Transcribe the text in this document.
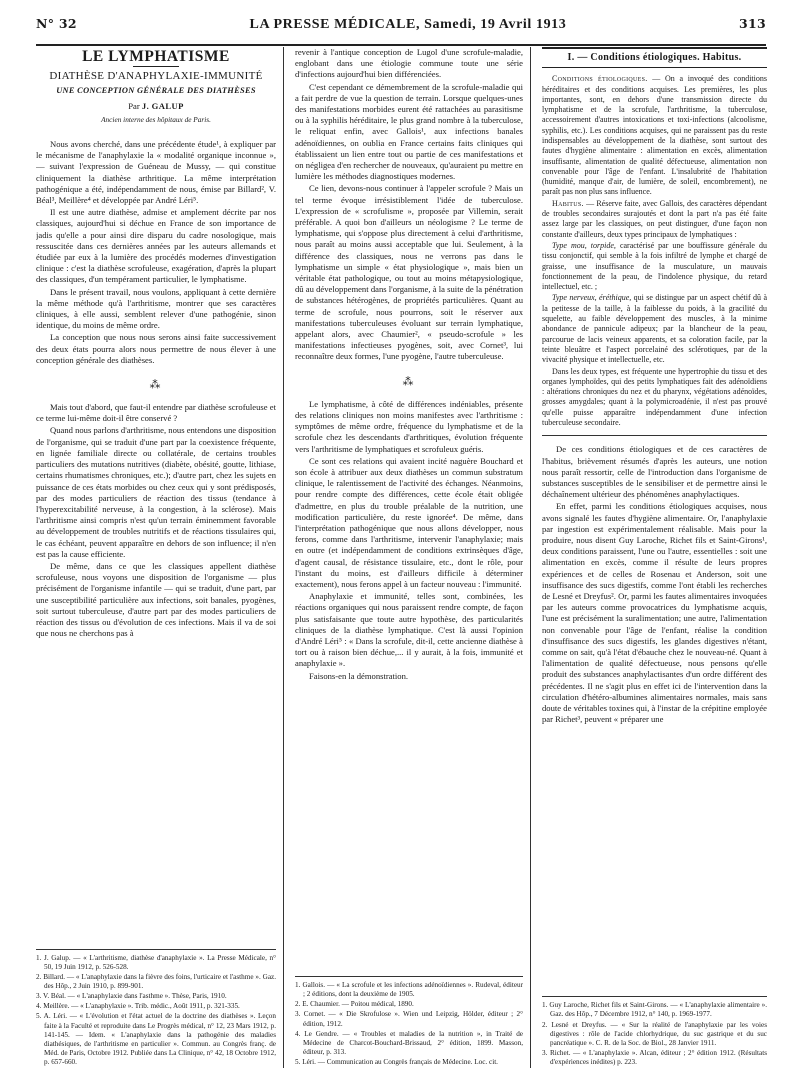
N° 32	LA PRESSE MÉDICALE, Samedi, 19 Avril 1913	313
LE LYMPHATISME
DIATHÈSE D'ANAPHYLAXIE-IMMUNITÉ
UNE CONCEPTION GÉNÉRALE DES DIATHÈSES
Par J. GALUP
Ancien interne des hôpitaux de Paris.

Nous avons cherché, dans une précédente étude¹, à expliquer par le mécanisme de l'anaphylaxie la « modalité organique inconnue », — suivant l'expression de Guéneau de Mussy, — qui constitue cliniquement la diathèse arthritique. La même interprétation pathogénique a été, indépendamment de nous, émise par Billard², V. Béal³, Meillère⁴ et développée par André Léri⁵.

Il est une autre diathèse, admise et amplement décrite par nos classiques, aujourd'hui si déchue en France de son importance de jadis qu'elle a pour ainsi dire disparu du cadre nosologique, mais ressuscitée dans ces dernières années par les auteurs allemands et étudiée par eux à la lumière des procédés modernes d'investigation clinique : c'est la diathèse scrofuleuse, exagération, d'après la plupart des classiques, d'un tempérament particulier, le lymphatisme.

Dans le présent travail, nous voulons, appliquant à cette dernière la même méthode qu'à l'arthritisme, montrer que ses caractères cliniques, à elle aussi, semblent relever d'une pathogénie, sinon identique, du moins de même ordre.

La conception que nous nous serons ainsi faite successivement des deux états pourra alors nous permettre de nous élever à une conception générale des diathèses.

⁂

Mais tout d'abord, que faut-il entendre par diathèse scrofuleuse et ce terme lui-même doit-il être conservé ?

Quand nous parlons d'arthritisme, nous entendons une disposition de l'organisme, qui se traduit d'une part par la coexistence fréquente, en lignée familiale directe ou collatérale, de certains troubles particuliers des mutations nutritives (diabète, obésité, goutte, lithiase, certains rhumatismes chroniques, etc.); d'autre part, chez les sujets en puissance de ces états morbides ou chez ceux qui y sont prédisposés, par des modes particuliers de réaction des tissus (tendance à l'hyperexcitabilité nerveuse, à la congestion, à la sclérose). Mais l'arthritisme ainsi compris n'est qu'un terrain éminemment favorable au développement de troubles nutritifs et de réactions tissulaires qui, le cas échéant, peuvent apparaître en dehors de son influence; il n'en est pas la cause efficiente.

De même, dans ce que les classiques appellent diathèse scrofuleuse, nous voyons une disposition de l'organisme — plus précisément de l'organisme infantile — qui se traduit, d'une part, par une susceptibilité particulière aux infections, soit banales, pyogènes, soit surtout tuberculeuse, d'autre part par des modes particuliers de réaction des tissus ou d'évolution de ces infections. Mais il va de soi que nous ne cherchons pas à

1. J. Galup. — « L'arthritisme, diathèse d'anaphylaxie ». La Presse Médicale, n° 50, 19 Juin 1912, p. 526-528.

2. Billard. — « L'anaphylaxie dans la fièvre des foins, l'urticaire et l'asthme ». Gaz. des Hôp., 2 Juin 1910, p. 899-901.

3. V. Béal. — « L'anaphylaxie dans l'asthme ». Thèse, Paris, 1910.

4. Meillère. — « L'anaphylaxie ». Trib. médic., Août 1911, p. 321-335.

5. A. Léri. — « L'évolution et l'état actuel de la doctrine des diathèses ». Leçon faite à la Faculté et reproduite dans Le Progrès médical, n° 12, 23 Mars 1912, p. 141-145. — Idem. « L'anaphylaxie dans la pathogénie des maladies diathésiques, de l'arthritisme en particulier ». Commun. au Congrès franç. de Méd. de Paris, Octobre 1912. Publiée dans La Clinique, n° 42, 18 Octobre 1912, p. 657-660.

revenir à l'antique conception de Lugol d'une scrofule-maladie, englobant dans une étiologie commune toute une série d'infections aujourd'hui bien différenciées.

C'est cependant ce démembrement de la scrofule-maladie qui a fait perdre de vue la question de terrain. Lorsque quelques-unes des manifestations morbides eurent été rattachées au parasitisme ou à la syphilis héréditaire, le plus grand nombre à la tuberculose, le reliquat enfin, avec Gallois¹, aux infections banales adénoïdiennes, on oublia en France certains faits cliniques qui établissaient un lien entre tout ou partie de ces manifestations et on négligea d'en rechercher de nouveaux, qu'auraient pu mettre en lumière les méthodes diagnostiques modernes.

Ce lien, devons-nous continuer à l'appeler scrofule ? Mais un tel terme évoque irrésistiblement l'idée de tuberculose. L'expression de « scrofulisme », proposée par Villemin, serait préférable. A quoi bon d'ailleurs un néologisme ? Le terme de lymphatisme, qui s'oppose plus directement à celui d'arthritisme, nous paraît au moins aussi acceptable que lui. Seulement, à la différence des classiques, nous ne verrons pas dans le lymphatisme un simple « état physiologique », mais bien un véritable état pathologique, ou tout au moins métapysiologique, dû au développement dans l'organisme, à la suite de la pénétration de substances hétérogènes, de propriétés particulières. Quant au terme de scrofule, nous pourrons, soit le réserver aux manifestations tuberculeuses évoluant sur terrain lymphatique, appelant alors, avec Chaumier², « pseudo-scrofule » les manifestations infectieuses pyogènes, soit, avec Cornet³, lui reconnaître deux formes, l'une pyogène, l'autre tuberculeuse.

⁂

Le lymphatisme, à côté de différences indéniables, présente des relations cliniques non moins manifestes avec l'arthritisme : symptômes de même ordre, fréquence du lymphatisme et de la scrofule chez les descendants d'arthritiques, évolution fréquente vers l'arthritisme de lymphatiques et scrofuleux guéris.

Ce sont ces relations qui avaient incité naguère Bouchard et son école à attribuer aux deux diathèses un commun substratum clinique, le ralentissement de l'activité des échanges. Néanmoins, pour rendre compte des différences, cette école était obligée d'admettre, en plus du trouble préalable de la nutrition, une modification particulière, du reste ignorée⁴. De même, dans l'interprétation pathogénique que nous allons développer, nous ferons, comme dans l'arthritisme, intervenir l'anaphylaxie; mais en outre (et indépendamment de conditions extrinsèques d'âge, d'agent causal, de résistance tissulaire, etc., dont le rôle, pour l'instant du moins, est d'ailleurs difficile à déterminer exactement), nous ferons appel à un facteur nouveau : l'immunité.

Anaphylaxie et immunité, telles sont, combinées, les réactions organiques qui nous paraissent rendre compte, de façon plus satisfaisante que toute autre hypothèse, des particularités cliniques de la diathèse lymphatique. C'est là aussi l'opinion d'André Léri⁵ : « Dans la scrofule, dit-il, cette ancienne diathèse à tort ou à raison bien déchue,... il y aurait, à la fois, immunité et anaphylaxie ».

Faisons-en la démonstration.

1. Gallois. — « La scrofule et les infections adénoïdiennes ». Rudeval, éditeur ; 2 éditions, dont la deuxième de 1905.

2. E. Chaumier. — Poitou médical, 1890.

3. Cornet. — « Die Skrofulose ». Wien und Leipzig, Hölder, éditeur ; 2° édition, 1912.

4. Le Gendre. — « Troubles et maladies de la nutrition », in Traité de Médecine de Charcot-Bouchard-Brissaud, 2° édition, 1899. Masson, éditeur, p. 313.

5. Léri. — Communication au Congrès français de Médecine. Loc. cit.

I. — Conditions étiologiques. Habitus.

Conditions étiologiques. — On a invoqué des conditions héréditaires et des conditions acquises. Les premières, les plus importantes, sont, en dehors d'une transmission directe du lymphatisme et de la scrofule, l'arthritisme, la tuberculose, accessoirement d'autres intoxications et toxi-infections (alcoolisme, syphilis, etc.). Les conditions acquises, qui ne paraissent pas du reste indispensables au développement de la diathèse, sont surtout des fautes d'hygiène alimentaire : alimentation en excès, alimentation insuffisante, alimentation de qualité défectueuse, alimentation non convenable pour l'âge de l'enfant. L'insalubrité de l'habitation (humidité, manque d'air, de lumière, de soleil, encombrement), ne paraît pas non plus sans influence.

Habitus. — Réserve faite, avec Gallois, des caractères dépendant de troubles secondaires surajoutés et dont la part n'a pas été faite assez large par les classiques, on peut distinguer, d'une façon non constante d'ailleurs, deux types principaux de lymphatiques :

Type mou, torpide, caractérisé par une bouffissure générale du tissu conjonctif, qui semble à la fois infiltré de lymphe et chargé de graisse, une insuffisance de la musculature, un mauvais fonctionnement de la peau, de l'indolence physique, du retard intellectuel, etc. ;

Type nerveux, éréthique, qui se distingue par un aspect chétif dû à la petitesse de la taille, à la faiblesse du poids, à la gracilité du squelette, au faible développement des muscles, à la minime abondance de pannicule adipeux; par la blancheur de la peau, parcourue de lacis veineux apparents, et sa coloration facile, par la teinte bleuâtre et l'aspect porcelainé des sclérotiques, par de la vivacité physique et intellectuelle, etc.

Dans les deux types, est fréquente une hypertrophie du tissu et des organes lymphoïdes, qui des petits lymphatiques fait des adénoïdiens : altérations chroniques du nez et du pharynx, végétations adénoïdes, grosses amygdales; quant à la polymicroadénie, il n'est pas prouvé qu'elle puisse apparaître indépendamment d'une infection tuberculeuse secondaire.

De ces conditions étiologiques et de ces caractères de l'habitus, brièvement résumés d'après les auteurs, une notion nous paraît ressortir, celle de l'introduction dans l'organisme de substances susceptibles de le sensibiliser et de permettre ainsi le déchaînement ultérieur des phénomènes anaphylactiques.

En effet, parmi les conditions étiologiques acquises, nous avons signalé les fautes d'hygiène alimentaire. Or, l'anaphylaxie par ingestion est expérimentalement réalisable. Mais pour la produire, nous disent Guy Laroche, Richet fils et Saint-Girons¹, deux conditions paraissent, l'une ou l'autre, essentielles : soit une alimentation en excès, comme il résulte de leurs propres expériences et de celles de Rosenau et Anderson, soit une insuffisance des sucs digestifs, comme l'ont établi les recherches de Lesné et Dreyfus². Or, parmi les fautes alimentaires invoquées par les auteurs comme provocatrices du lymphatisme acquis, l'une est précisément la suralimentation; une autre, l'alimentation non convenable pour l'âge de l'enfant, réalise la condition d'insuffisance des sucs digestifs, les glandes digestives n'étant, comme on sait, qu'à l'état d'ébauche chez le nouveau-né. Quant à l'alimentation de qualité défectueuse, nous pensons qu'elle produit des substances anaphylactisantes d'un ordre différent des précédentes. Il ne s'agit plus en effet ici de l'intervention dans la circulation d'hétéro-albumines alimentaires normales, mais sans doute de véritables toxines qui, à l'instar de la crépitine employée par Richet³, peuvent « préparer une

1. Guy Laroche, Richet fils et Saint-Girons. — « L'anaphylaxie alimentaire ». Gaz. des Hôp., 7 Décembre 1912, n° 140, p. 1969-1977.

2. Lesné et Dreyfus. — « Sur la réalité de l'anaphylaxie par les voies digestives : rôle de l'acide chlorhydrique, du suc gastrique et du suc pancréatique ». C. R. de la Soc. de Biol., 28 Janvier 1911.

3. Richet. — « L'anaphylaxie ». Alcan, éditeur ; 2° édition 1912. (Résultats d'expériences inédites) p. 223.
